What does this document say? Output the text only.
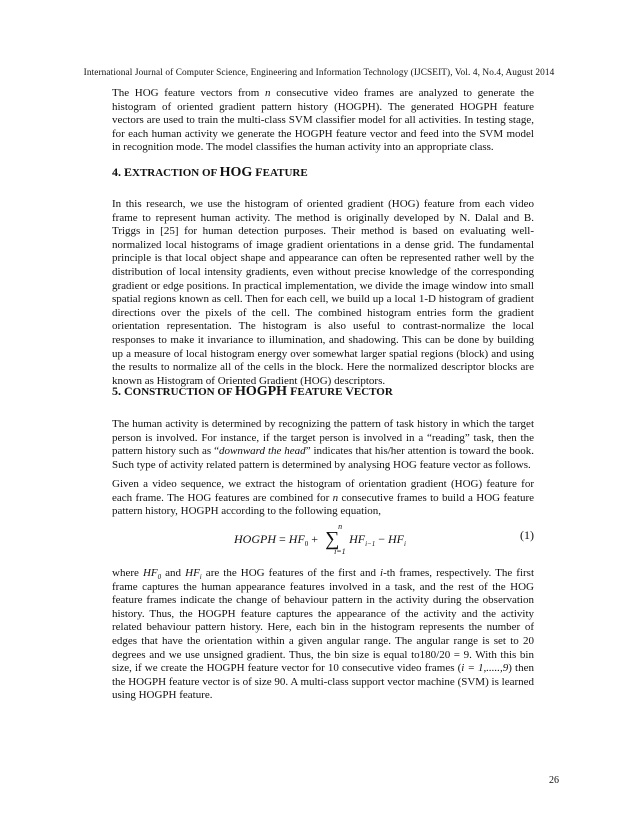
International Journal of Computer Science, Engineering and Information Technology (IJCSEIT), Vol. 4, No.4, August 2014

The HOG feature vectors from n consecutive video frames are analyzed to generate the histogram of oriented gradient pattern history (HOGPH). The generated HOGPH feature vectors are used to train the multi-class SVM classifier model for all activities. In testing stage, for each human activity we generate the HOGPH feature vector and feed into the SVM model in recognition mode. The model classifies the human activity into an appropriate class.

4. EXTRACTION OF HOG FEATURE

In this research, we use the histogram of oriented gradient (HOG) feature from each video frame to represent human activity. The method is originally developed by N. Dalal and B. Triggs in [25] for human detection purposes. Their method is based on evaluating well-normalized local histograms of image gradient orientations in a dense grid. The fundamental principle is that local object shape and appearance can often be represented rather well by the distribution of local intensity gradients, even without precise knowledge of the corresponding gradient or edge positions. In practical implementation, we divide the image window into small spatial regions known as cell. Then for each cell, we build up a local 1-D histogram of gradient directions over the pixels of the cell. The combined histogram entries form the gradient orientation representation. The histogram is also useful to contrast-normalize the local responses to make it invariance to illumination, and shadowing. This can be done by building up a measure of local histogram energy over somewhat larger spatial regions (block) and using the results to normalize all of the cells in the block. Here the normalized descriptor blocks are known as Histogram of Oriented Gradient (HOG) descriptors.

5. CONSTRUCTION OF HOGPH FEATURE VECTOR

The human activity is determined by recognizing the pattern of task history in which the target person is involved. For instance, if the target person is involved in a “reading” task, then the pattern history such as “downward the head” indicates that his/her attention is toward the book. Such type of activity related pattern is determined by analysing HOG feature vector as follows.

Given a video sequence, we extract the histogram of orientation gradient (HOG) feature for each frame. The HOG features are combined for n consecutive frames to build a HOG feature pattern history, HOGPH according to the following equation,

HOGPH = $HF_0$ + ∑
n
i=1
$HF_{i-1} - HF_i$
(1)

where $HF_0$ and $HF_i$ are the HOG features of the first and i-th frames, respectively. The first frame captures the human appearance features involved in a task, and the rest of the HOG feature frames indicate the change of behaviour pattern in the activity during the observation history. Thus, the HOGPH feature captures the appearance of the activity and the activity related behaviour pattern history. Here, each bin in the histogram represents the number of edges that have the orientation within a given angular range. The angular range is set to 20 degrees and we use unsigned gradient. Thus, the bin size is equal to180/20 = 9. With this bin size, if we create the HOGPH feature vector for 10 consecutive video frames (i = 1,.....,9) then the HOGPH feature vector is of size 90. A multi-class support vector machine (SVM) is learned using HOGPH feature.

26
